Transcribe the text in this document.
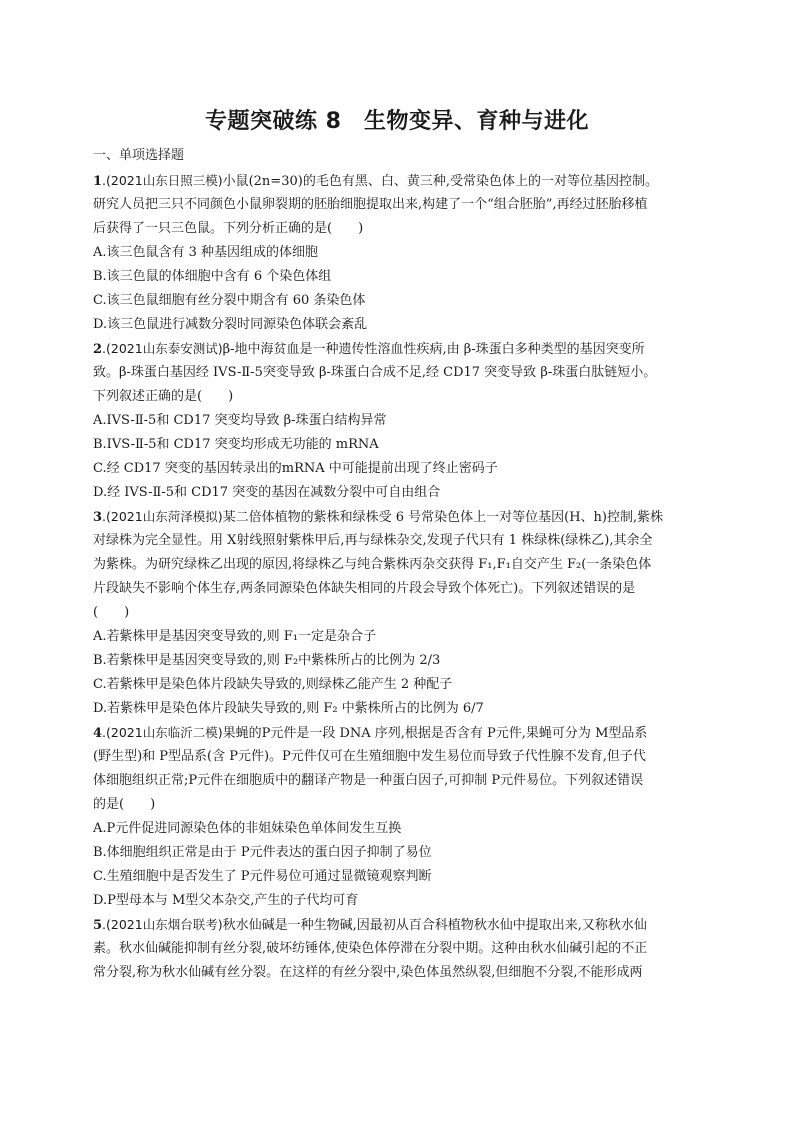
专题突破练 8　生物变异、育种与进化
一、单项选择题
1.(2021山东日照三模)小鼠(2n=30)的毛色有黑、白、黄三种,受常染色体上的一对等位基因控制。
研究人员把三只不同颜色小鼠卵裂期的胚胎细胞提取出来,构建了一个“组合胚胎”,再经过胚胎移植
后获得了一只三色鼠。下列分析正确的是(　　)
A.该三色鼠含有 3 种基因组成的体细胞
B.该三色鼠的体细胞中含有 6 个染色体组
C.该三色鼠细胞有丝分裂中期含有 60 条染色体
D.该三色鼠进行减数分裂时同源染色体联会紊乱
2.(2021山东泰安测试)β-地中海贫血是一种遗传性溶血性疾病,由 β-珠蛋白多种类型的基因突变所
致。β-珠蛋白基因经 IVS-Ⅱ-5突变导致 β-珠蛋白合成不足,经 CD17 突变导致 β-珠蛋白肽链短小。
下列叙述正确的是(　　)
A.IVS-Ⅱ-5和 CD17 突变均导致 β-珠蛋白结构异常
B.IVS-Ⅱ-5和 CD17 突变均形成无功能的 mRNA
C.经 CD17 突变的基因转录出的mRNA 中可能提前出现了终止密码子
D.经 IVS-Ⅱ-5和 CD17 突变的基因在减数分裂中可自由组合
3.(2021山东菏泽模拟)某二倍体植物的紫株和绿株受 6 号常染色体上一对等位基因(H、h)控制,紫株
对绿株为完全显性。用 X射线照射紫株甲后,再与绿株杂交,发现子代只有 1 株绿株(绿株乙),其余全
为紫株。为研究绿株乙出现的原因,将绿株乙与纯合紫株丙杂交获得 F₁,F₁自交产生 F₂(一条染色体
片段缺失不影响个体生存,两条同源染色体缺失相同的片段会导致个体死亡)。下列叙述错误的是
(　　)
A.若紫株甲是基因突变导致的,则 F₁一定是杂合子
B.若紫株甲是基因突变导致的,则 F₂中紫株所占的比例为 2/3
C.若紫株甲是染色体片段缺失导致的,则绿株乙能产生 2 种配子
D.若紫株甲是染色体片段缺失导致的,则 F₂ 中紫株所占的比例为 6/7
4.(2021山东临沂二模)果蝇的P元件是一段 DNA 序列,根据是否含有 P元件,果蝇可分为 M型品系
(野生型)和 P型品系(含 P元件)。P元件仅可在生殖细胞中发生易位而导致子代性腺不发育,但子代
体细胞组织正常;P元件在细胞质中的翻译产物是一种蛋白因子,可抑制 P元件易位。下列叙述错误
的是(　　)
A.P元件促进同源染色体的非姐妹染色单体间发生互换
B.体细胞组织正常是由于 P元件表达的蛋白因子抑制了易位
C.生殖细胞中是否发生了 P元件易位可通过显微镜观察判断
D.P型母本与 M型父本杂交,产生的子代均可育
5.(2021山东烟台联考)秋水仙碱是一种生物碱,因最初从百合科植物秋水仙中提取出来,又称秋水仙
素。秋水仙碱能抑制有丝分裂,破坏纺锤体,使染色体停滞在分裂中期。这种由秋水仙碱引起的不正
常分裂,称为秋水仙碱有丝分裂。在这样的有丝分裂中,染色体虽然纵裂,但细胞不分裂,不能形成两
